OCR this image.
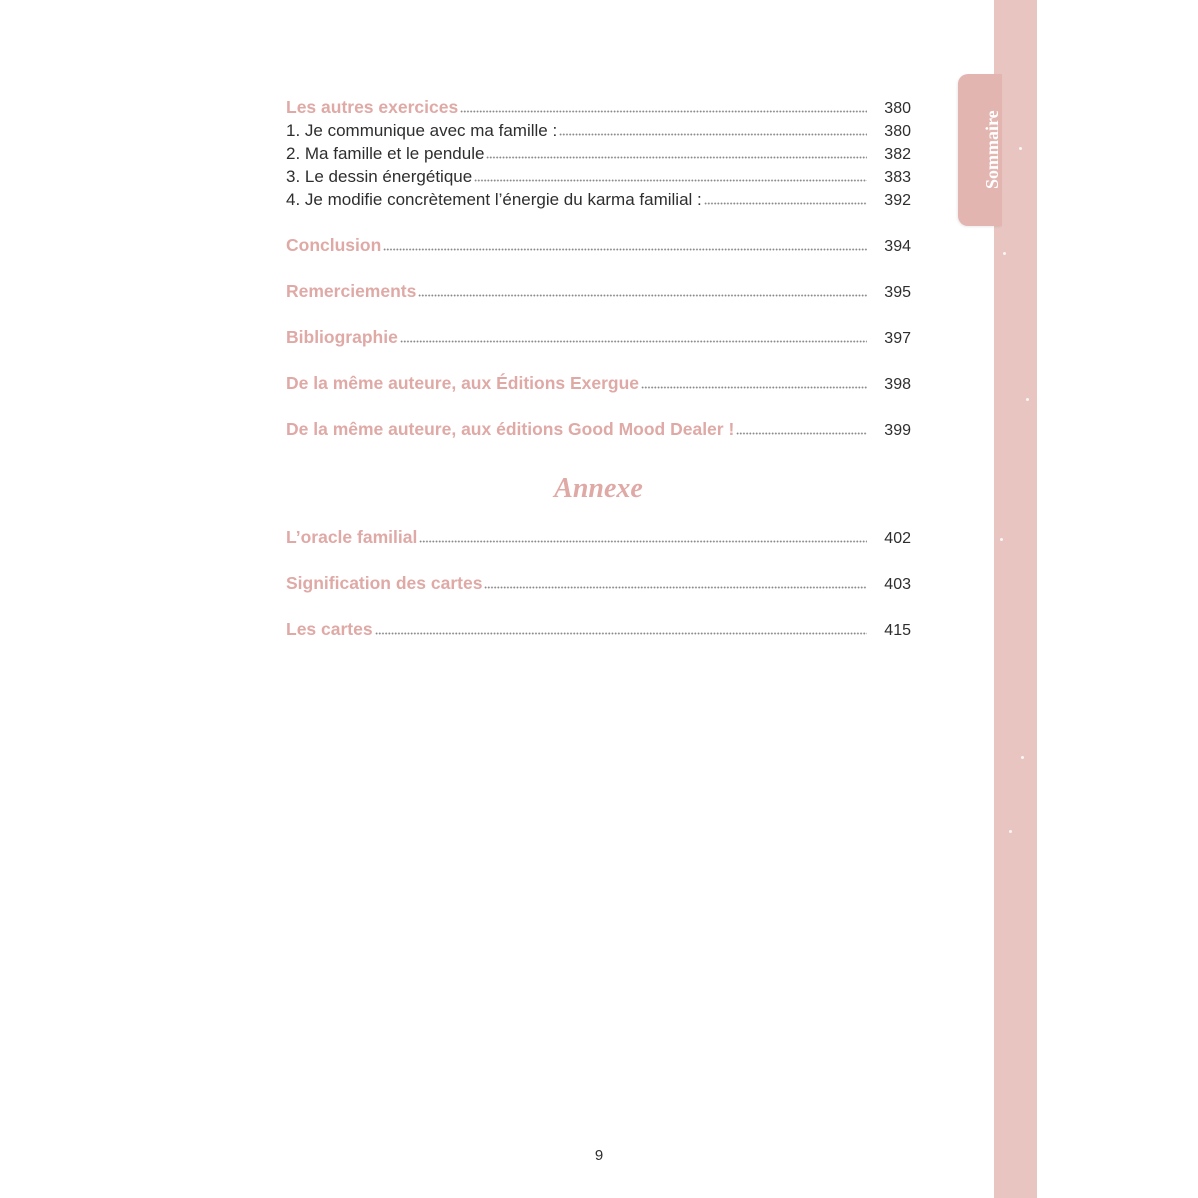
Sommaire
Les autres exercices	380
1. Je communique avec ma famille :	380
2. Ma famille et le pendule	382
3. Le dessin énergétique	383
4. Je modifie concrètement l’énergie du karma familial :	392
Conclusion	394
Remerciements	395
Bibliographie	397
De la même auteure, aux Éditions Exergue	398
De la même auteure, aux éditions Good Mood Dealer !	399
Annexe
L’oracle familial	402
Signification des cartes	403
Les cartes	415
9
